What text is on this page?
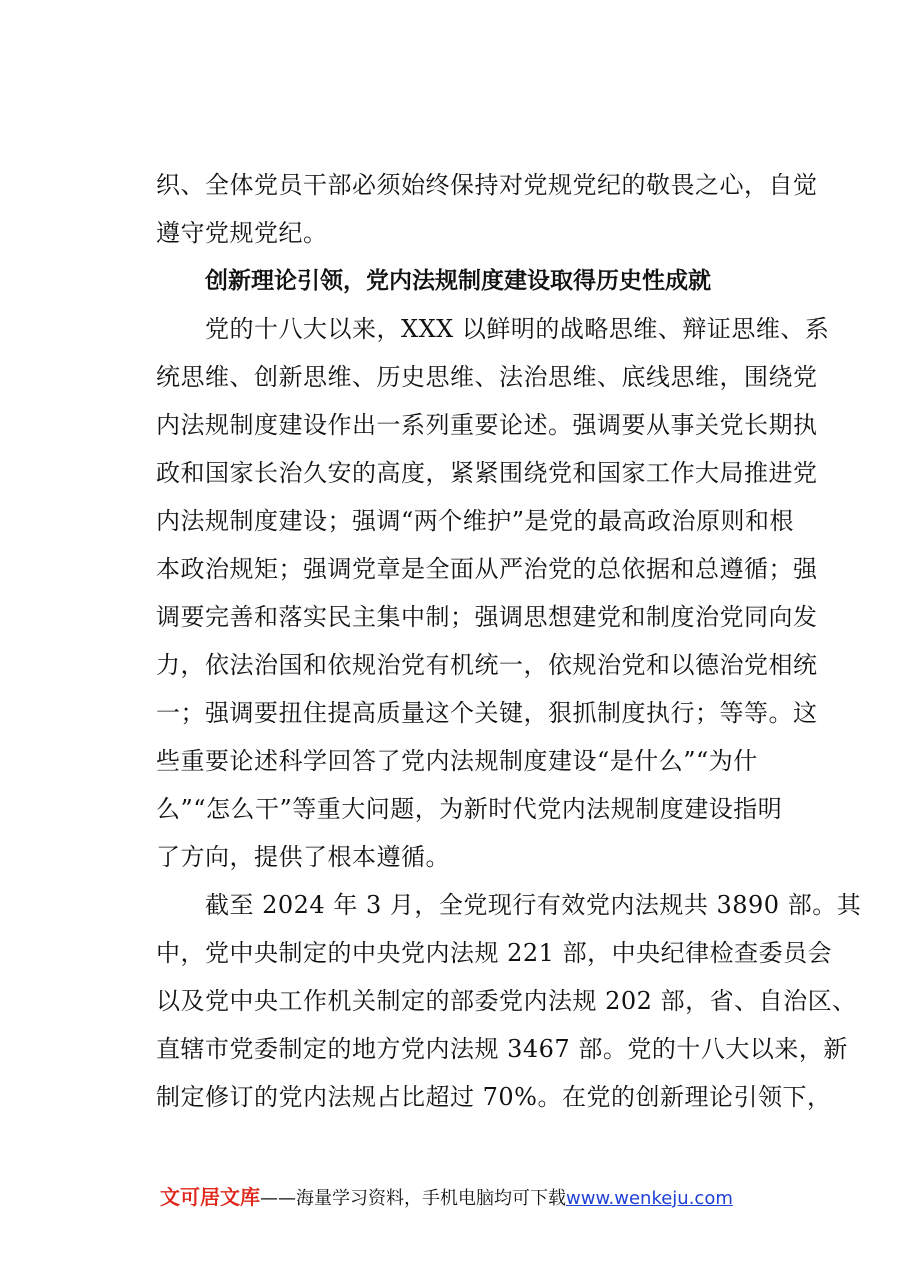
织、全体党员干部必须始终保持对党规党纪的敬畏之心，自觉
遵守党规党纪。
创新理论引领，党内法规制度建设取得历史性成就
党的十八大以来，XXX 以鲜明的战略思维、辩证思维、系
统思维、创新思维、历史思维、法治思维、底线思维，围绕党
内法规制度建设作出一系列重要论述。强调要从事关党长期执
政和国家长治久安的高度，紧紧围绕党和国家工作大局推进党
内法规制度建设；强调“两个维护”是党的最高政治原则和根
本政治规矩；强调党章是全面从严治党的总依据和总遵循；强
调要完善和落实民主集中制；强调思想建党和制度治党同向发
力，依法治国和依规治党有机统一，依规治党和以德治党相统
一；强调要扭住提高质量这个关键，狠抓制度执行；等等。这
些重要论述科学回答了党内法规制度建设“是什么”“为什
么”“怎么干”等重大问题，为新时代党内法规制度建设指明
了方向，提供了根本遵循。
截至 2024 年 3 月，全党现行有效党内法规共 3890 部。其
中，党中央制定的中央党内法规 221 部，中央纪律检查委员会
以及党中央工作机关制定的部委党内法规 202 部，省、自治区、
直辖市党委制定的地方党内法规 3467 部。党的十八大以来，新
制定修订的党内法规占比超过 70%。在党的创新理论引领下，
文可居文库——海量学习资料，手机电脑均可下载www.wenkeju.com
